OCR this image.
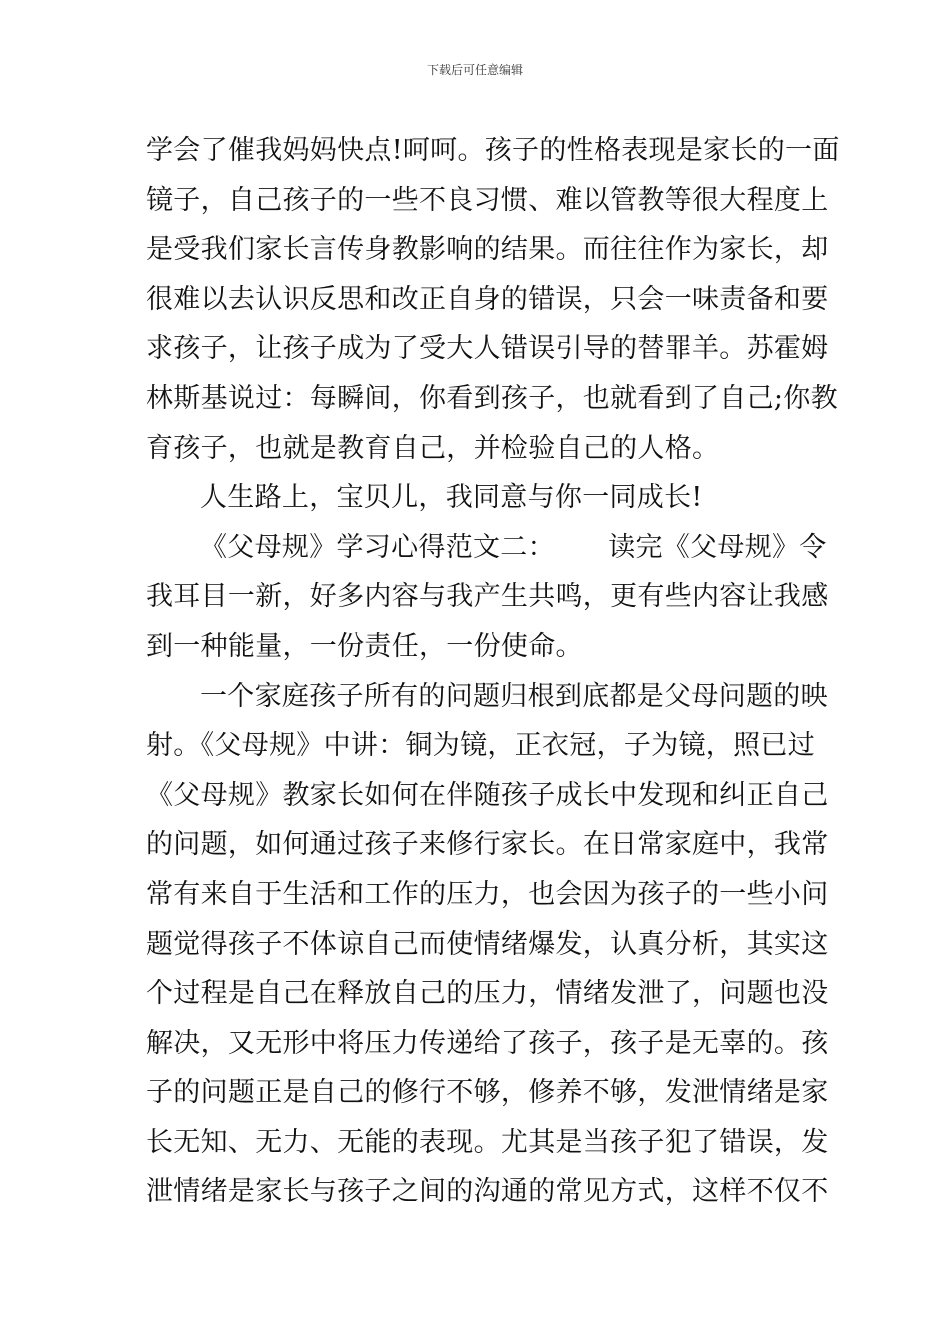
下载后可任意编辑
学会了催我妈妈快点!呵呵。孩子的性格表现是家长的一面
镜子，自己孩子的一些不良习惯、难以管教等很大程度上
是受我们家长言传身教影响的结果。而往往作为家长，却
很难以去认识反思和改正自身的错误，只会一味责备和要
求孩子，让孩子成为了受大人错误引导的替罪羊。苏霍姆
林斯基说过：每瞬间，你看到孩子，也就看到了自己;你教
育孩子，也就是教育自己，并检验自己的人格。
人生路上，宝贝儿，我同意与你一同成长!
《父母规》学习心得范文二：      读完《父母规》令
我耳目一新，好多内容与我产生共鸣，更有些内容让我感
到一种能量，一份责任，一份使命。
一个家庭孩子所有的问题归根到底都是父母问题的映
射。《父母规》中讲：铜为镜，正衣冠，子为镜，照已过
《父母规》教家长如何在伴随孩子成长中发现和纠正自己
的问题，如何通过孩子来修行家长。在日常家庭中，我常
常有来自于生活和工作的压力，也会因为孩子的一些小问
题觉得孩子不体谅自己而使情绪爆发，认真分析，其实这
个过程是自己在释放自己的压力，情绪发泄了，问题也没
解决，又无形中将压力传递给了孩子，孩子是无辜的。孩
子的问题正是自己的修行不够，修养不够，发泄情绪是家
长无知、无力、无能的表现。尤其是当孩子犯了错误，发
泄情绪是家长与孩子之间的沟通的常见方式，这样不仅不
